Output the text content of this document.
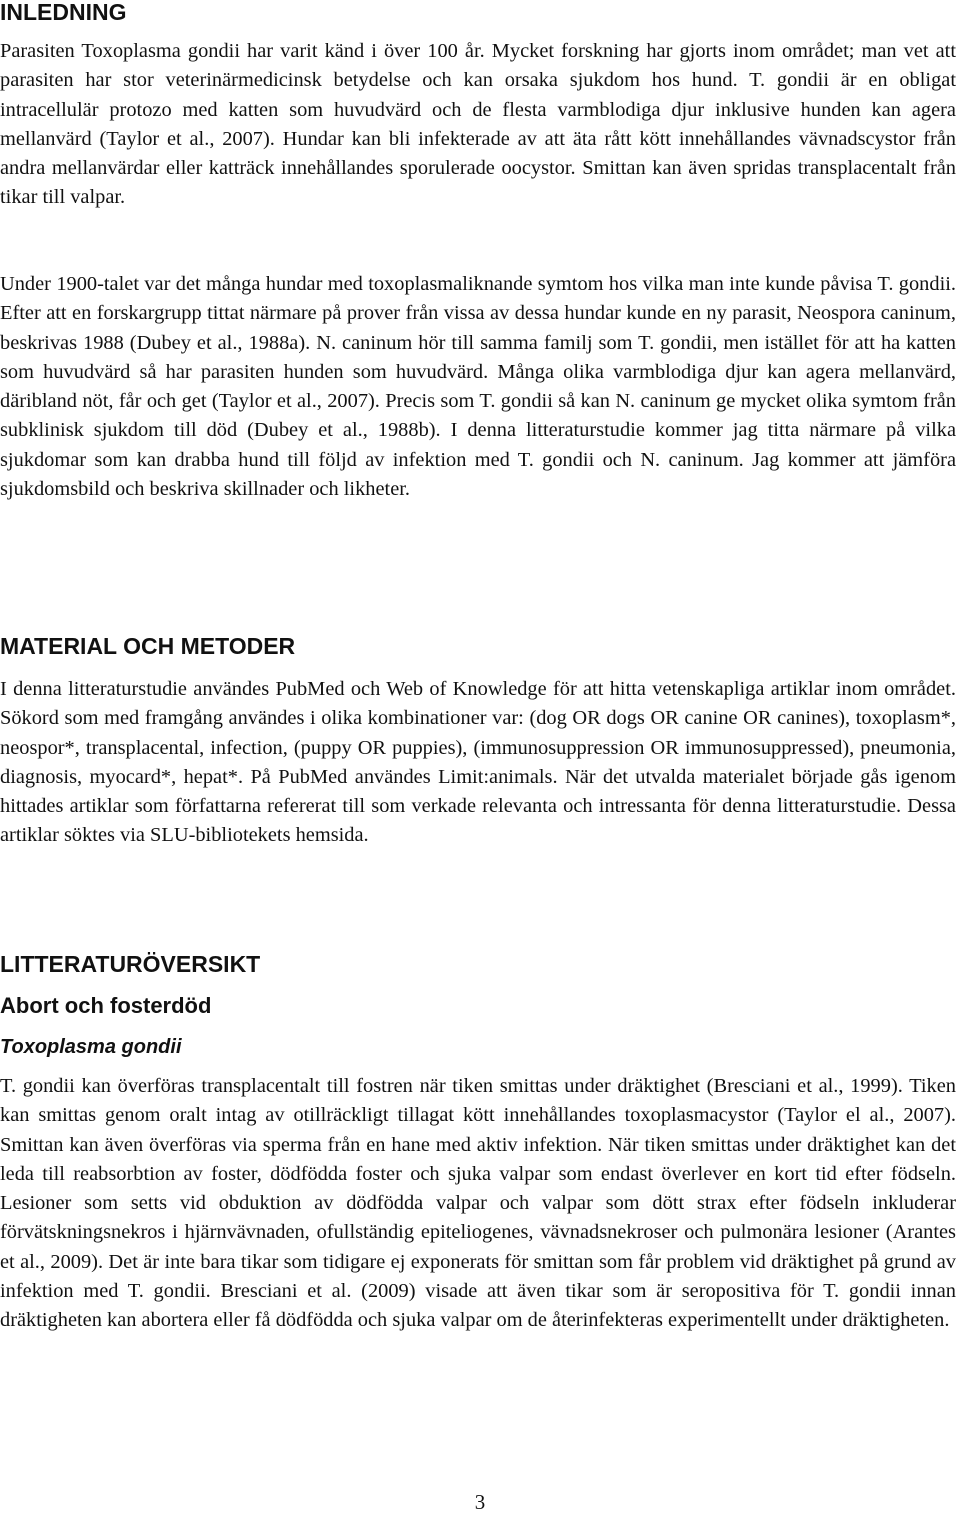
INLEDNING

Parasiten Toxoplasma gondii har varit känd i över 100 år. Mycket forskning har gjorts inom området; man vet att parasiten har stor veterinärmedicinsk betydelse och kan orsaka sjukdom hos hund. T. gondii är en obligat intracellulär protozo med katten som huvudvärd och de flesta varmblodiga djur inklusive hunden kan agera mellanvärd (Taylor et al., 2007). Hundar kan bli infekterade av att äta rått kött innehållandes vävnadscystor från andra mellanvärdar eller katträck innehållandes sporulerade oocystor. Smittan kan även spridas transplacentalt från tikar till valpar.

Under 1900-talet var det många hundar med toxoplasmaliknande symtom hos vilka man inte kunde påvisa T. gondii. Efter att en forskargrupp tittat närmare på prover från vissa av dessa hundar kunde en ny parasit, Neospora caninum, beskrivas 1988 (Dubey et al., 1988a). N. caninum hör till samma familj som T. gondii, men istället för att ha katten som huvudvärd så har parasiten hunden som huvudvärd. Många olika varmblodiga djur kan agera mellanvärd, däribland nöt, får och get (Taylor et al., 2007). Precis som T. gondii så kan N. caninum ge mycket olika symtom från subklinisk sjukdom till död (Dubey et al., 1988b). I denna litteraturstudie kommer jag titta närmare på vilka sjukdomar som kan drabba hund till följd av infektion med T. gondii och N. caninum. Jag kommer att jämföra sjukdomsbild och beskriva skillnader och likheter.

MATERIAL OCH METODER

I denna litteraturstudie användes PubMed och Web of Knowledge för att hitta vetenskapliga artiklar inom området. Sökord som med framgång användes i olika kombinationer var: (dog OR dogs OR canine OR canines), toxoplasm*, neospor*, transplacental, infection, (puppy OR puppies), (immunosuppression OR immunosuppressed), pneumonia, diagnosis, myocard*, hepat*. På PubMed användes Limit:animals. När det utvalda materialet började gås igenom hittades artiklar som författarna refererat till som verkade relevanta och intressanta för denna litteraturstudie. Dessa artiklar söktes via SLU-bibliotekets hemsida.

LITTERATURÖVERSIKT
Abort och fosterdöd
Toxoplasma gondii

T. gondii kan överföras transplacentalt till fostren när tiken smittas under dräktighet (Bresciani et al., 1999). Tiken kan smittas genom oralt intag av otillräckligt tillagat kött innehållandes toxoplasmacystor (Taylor el al., 2007). Smittan kan även överföras via sperma från en hane med aktiv infektion. När tiken smittas under dräktighet kan det leda till reabsorbtion av foster, dödfödda foster och sjuka valpar som endast överlever en kort tid efter födseln. Lesioner som setts vid obduktion av dödfödda valpar och valpar som dött strax efter födseln inkluderar förvätskningsnekros i hjärnvävnaden, ofullständig epiteliogenes, vävnadsnekroser och pulmonära lesioner (Arantes et al., 2009). Det är inte bara tikar som tidigare ej exponerats för smittan som får problem vid dräktighet på grund av infektion med T. gondii. Bresciani et al. (2009) visade att även tikar som är seropositiva för T. gondii innan dräktigheten kan abortera eller få dödfödda och sjuka valpar om de återinfekteras experimentellt under dräktigheten.

3
